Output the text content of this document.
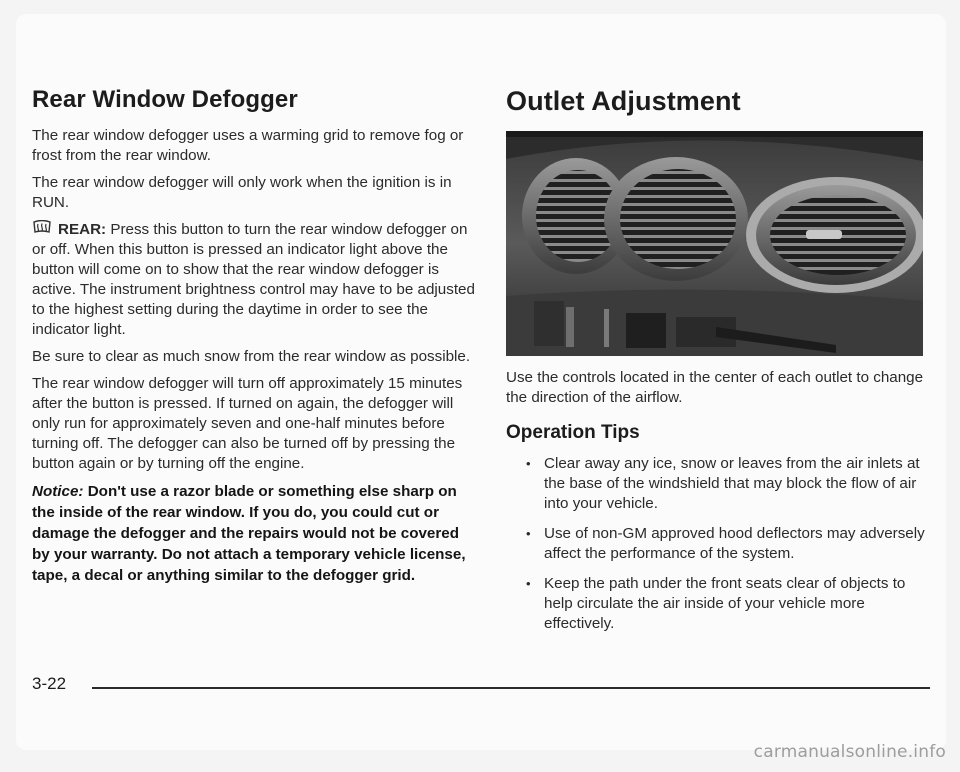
Rear Window Defogger

The rear window defogger uses a warming grid to remove fog or frost from the rear window.

The rear window defogger will only work when the ignition is in RUN.

REAR: Press this button to turn the rear window defogger on or off. When this button is pressed an indicator light above the button will come on to show that the rear window defogger is active. The instrument brightness control may have to be adjusted to the highest setting during the daytime in order to see the indicator light.

Be sure to clear as much snow from the rear window as possible.

The rear window defogger will turn off approximately 15 minutes after the button is pressed. If turned on again, the defogger will only run for approximately seven and one-half minutes before turning off. The defogger can also be turned off by pressing the button again or by turning off the engine.

Notice: Don't use a razor blade or something else sharp on the inside of the rear window. If you do, you could cut or damage the defogger and the repairs would not be covered by your warranty. Do not attach a temporary vehicle license, tape, a decal or anything similar to the defogger grid.

Outlet Adjustment

Use the controls located in the center of each outlet to change the direction of the airflow.

Operation Tips
• Clear away any ice, snow or leaves from the air inlets at the base of the windshield that may block the flow of air into your vehicle.
• Use of non-GM approved hood deflectors may adversely affect the performance of the system.
• Keep the path under the front seats clear of objects to help circulate the air inside of your vehicle more effectively.
3-22
carmanualsonline.info
